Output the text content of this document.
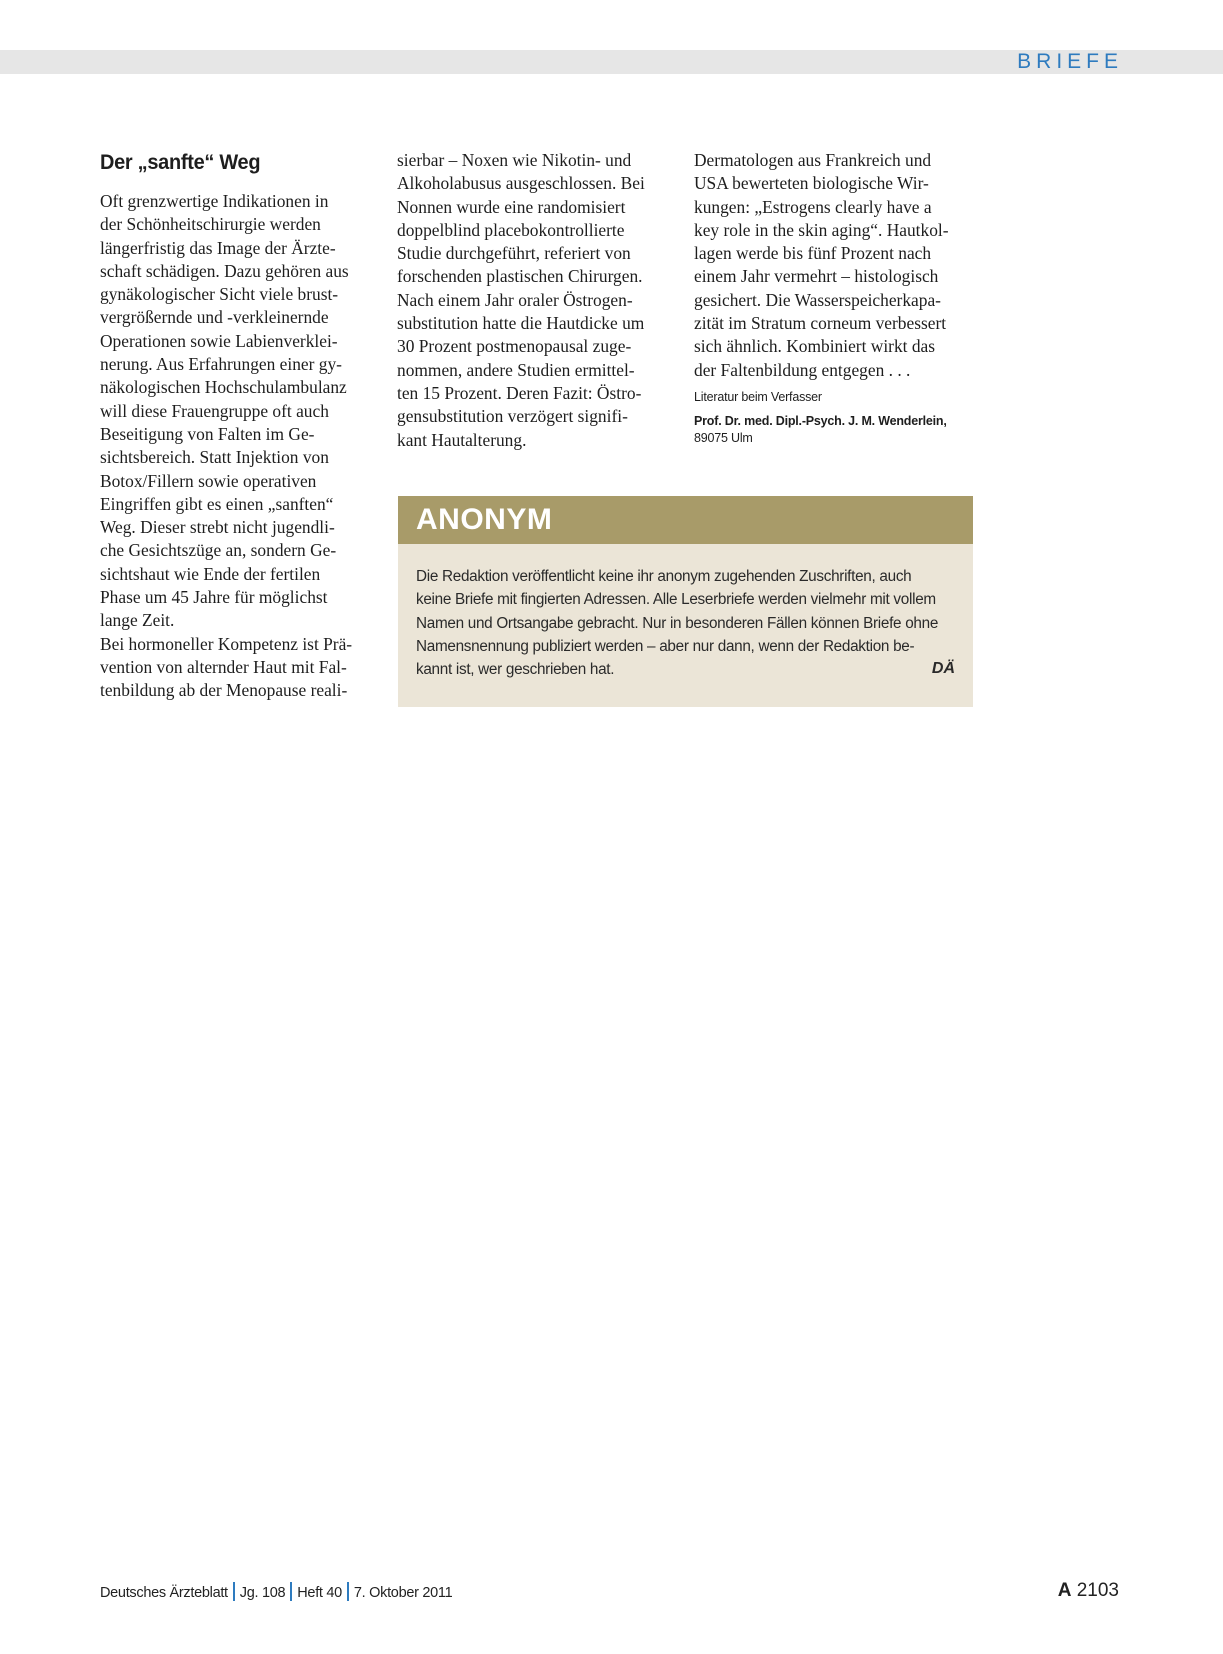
BRIEFE
Der „sanfte“ Weg
Oft grenzwertige Indikationen in
der Schönheitschirurgie werden
längerfristig das Image der Ärzte-
schaft schädigen. Dazu gehören aus
gynäkologischer Sicht viele brust-
vergrößernde und -verkleinernde
Operationen sowie Labienverklei-
nerung. Aus Erfahrungen einer gy-
näkologischen Hochschulambulanz
will diese Frauengruppe oft auch
Beseitigung von Falten im Ge-
sichtsbereich. Statt Injektion von
Botox/Fillern sowie operativen
Eingriffen gibt es einen „sanften“
Weg. Dieser strebt nicht jugendli-
che Gesichtszüge an, sondern Ge-
sichtshaut wie Ende der fertilen
Phase um 45 Jahre für möglichst
lange Zeit.
Bei hormoneller Kompetenz ist Prä-
vention von alternder Haut mit Fal-
tenbildung ab der Menopause reali-
sierbar – Noxen wie Nikotin- und
Alkoholabusus ausgeschlossen. Bei
Nonnen wurde eine randomisiert
doppelblind placebokontrollierte
Studie durchgeführt, referiert von
forschenden plastischen Chirurgen.
Nach einem Jahr oraler Östrogen-
substitution hatte die Hautdicke um
30 Prozent postmenopausal zuge-
nommen, andere Studien ermittel-
ten 15 Prozent. Deren Fazit: Östro-
gensubstitution verzögert signifi-
kant Hautalterung.
Dermatologen aus Frankreich und
USA bewerteten biologische Wir-
kungen: „Estrogens clearly have a
key role in the skin aging“. Hautkol-
lagen werde bis fünf Prozent nach
einem Jahr vermehrt – histologisch
gesichert. Die Wasserspeicherkapa-
zität im Stratum corneum verbessert
sich ähnlich. Kombiniert wirkt das
der Faltenbildung entgegen . . .
Literatur beim Verfasser
Prof. Dr. med. Dipl.-Psych. J. M. Wenderlein,
89075 Ulm
ANONYM
Die Redaktion veröffentlicht keine ihr anonym zugehenden Zuschriften, auch
keine Briefe mit fingierten Adressen. Alle Leserbriefe werden vielmehr mit vollem
Namen und Ortsangabe gebracht. Nur in besonderen Fällen können Briefe ohne
Namensnennung publiziert werden – aber nur dann, wenn der Redaktion be-
kannt ist, wer geschrieben hat.	DÄ
Deutsches Ärzteblatt Jg. 108 Heft 40 7. Oktober 2011	A 2103
